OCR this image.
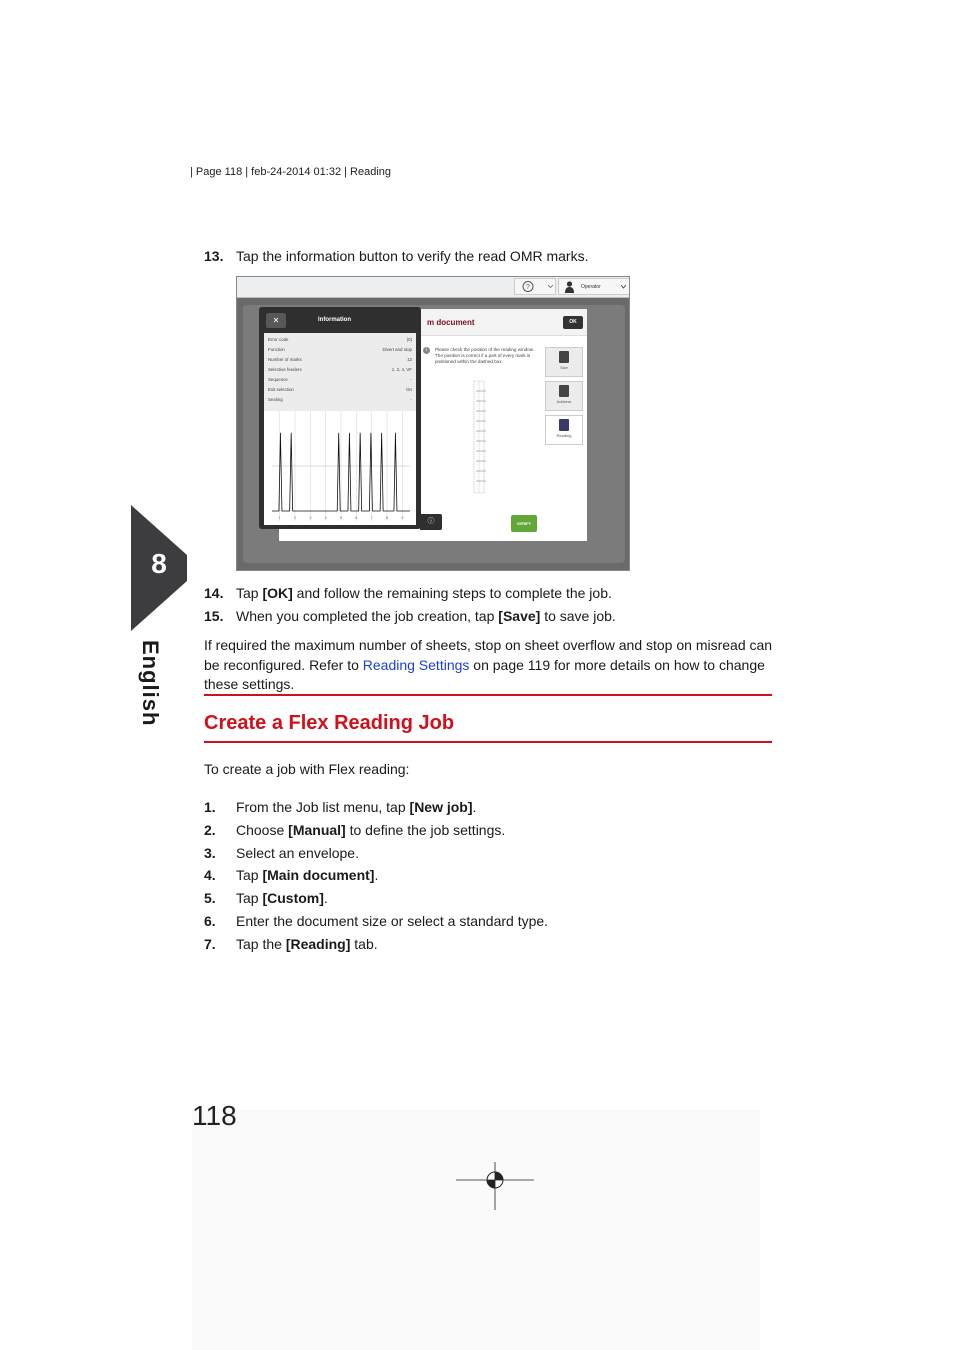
| Page 118 | feb-24-2014 01:32 | Reading
13. Tap the information button to verify the read OMR marks.
?	Operator
m document	OK
i	Please check the position of the reading window. The position is correct if a part of every mark is positioned within the dashed box
Size
Address
Reading
VERIFY
✕	Information
Error code	(0)
Function	Divert and stop
Number of marks	12
Selective feeders	1, 2, 4, VF
Sequence	-
Exit selection	On
Sealing	-
1	2	3	4	5	6	7	8	9
ⓘ
14. Tap [OK] and follow the remaining steps to complete the job.
15. When you completed the job creation, tap [Save] to save job.
If required the maximum number of sheets, stop on sheet overflow and stop on misread can be reconfigured. Refer to Reading Settings on page 119 for more details on how to change these settings.
Create a Flex Reading Job
To create a job with Flex reading:
1. From the Job list menu, tap [New job].
2. Choose [Manual] to define the job settings.
3. Select an envelope.
4. Tap [Main document].
5. Tap [Custom].
6. Enter the document size or select a standard type.
7. Tap the [Reading] tab.
8
English
118
